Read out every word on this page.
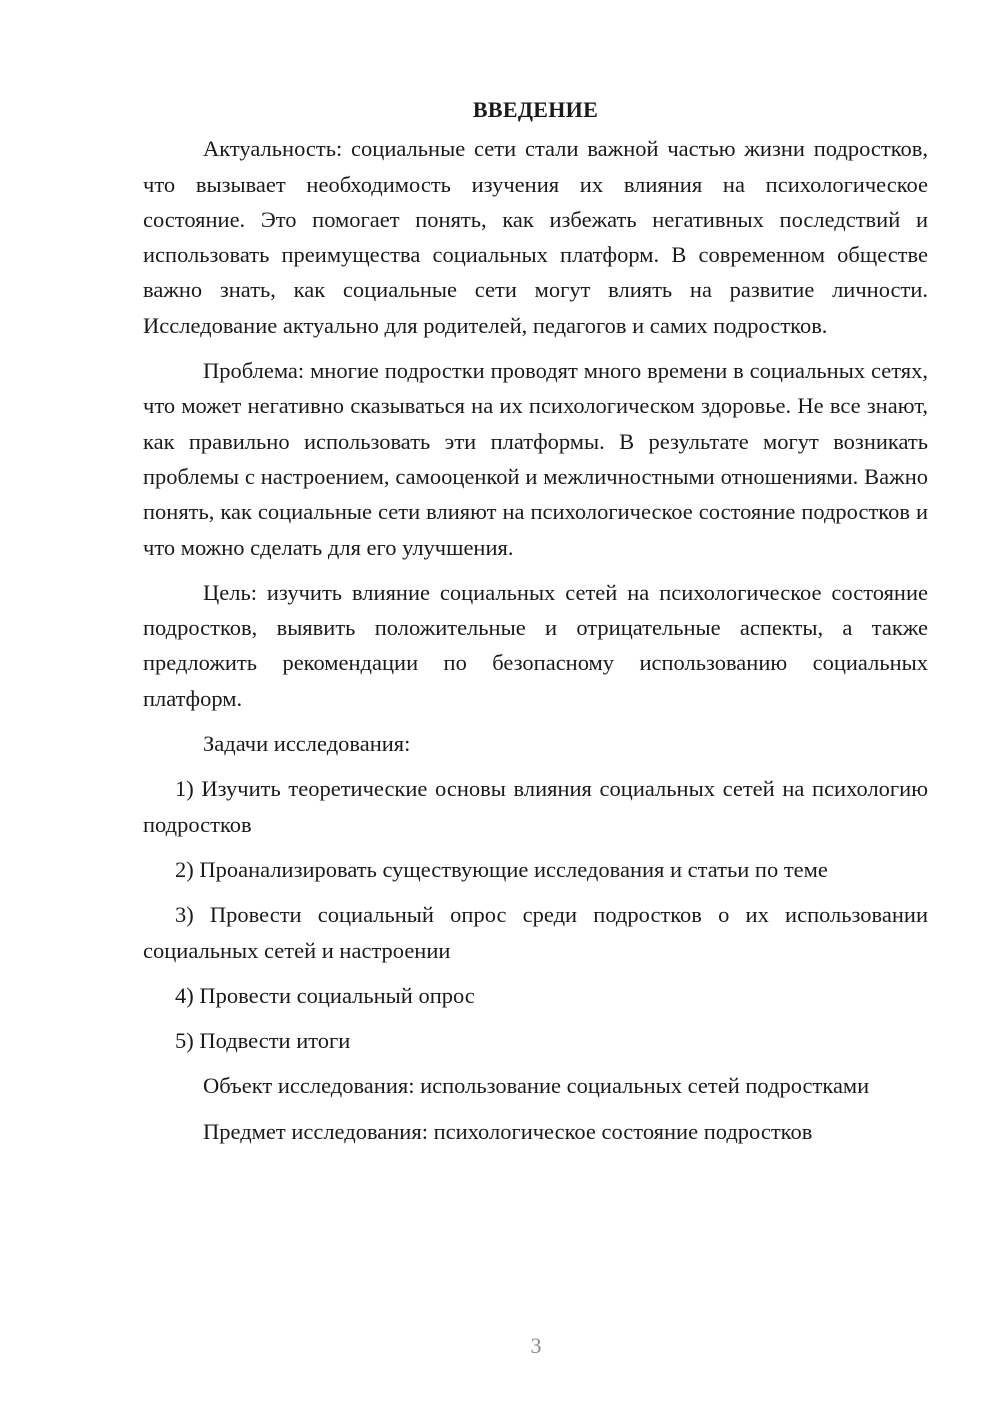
ВВЕДЕНИЕ

Актуальность: социальные сети стали важной частью жизни подростков, что вызывает необходимость изучения их влияния на психологическое состояние. Это помогает понять, как избежать негативных последствий и использовать преимущества социальных платформ. В современном обществе важно знать, как социальные сети могут влиять на развитие личности. Исследование актуально для родителей, педагогов и самих подростков.

Проблема: многие подростки проводят много времени в социальных сетях, что может негативно сказываться на их психологическом здоровье. Не все знают, как правильно использовать эти платформы. В результате могут возникать проблемы с настроением, самооценкой и межличностными отношениями. Важно понять, как социальные сети влияют на психологическое состояние подростков и что можно сделать для его улучшения.

Цель: изучить влияние социальных сетей на психологическое состояние подростков, выявить положительные и отрицательные аспекты, а также предложить рекомендации по безопасному использованию социальных платформ.

Задачи исследования:

1) Изучить теоретические основы влияния социальных сетей на психологию подростков

2) Проанализировать существующие исследования и статьи по теме

3) Провести социальный опрос среди подростков о их использовании социальных сетей и настроении

4) Провести социальный опрос

5) Подвести итоги

Объект исследования: использование социальных сетей подростками

Предмет исследования: психологическое состояние подростков

3
